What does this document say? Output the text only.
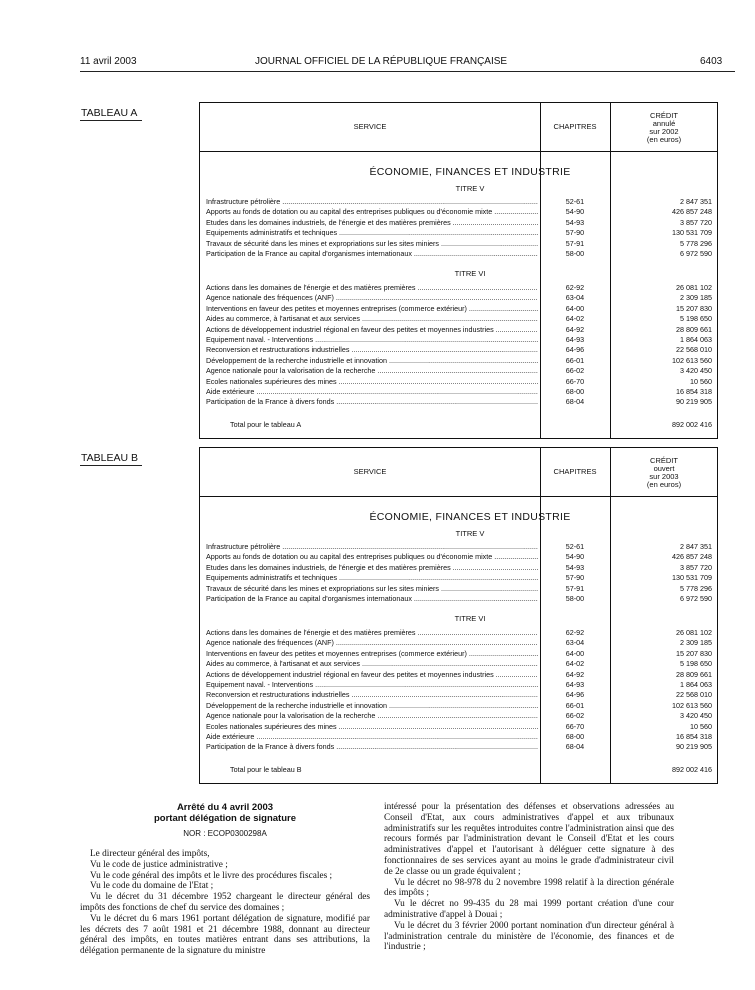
11 avril 2003	JOURNAL OFFICIEL DE LA RÉPUBLIQUE FRANÇAISE	6403
TABLEAU A
SERVICE	CHAPITRES
CRÉDIT
annulé
sur 2002
(en euros)
ÉCONOMIE, FINANCES ET INDUSTRIE
TITRE V
Infrastructure pétrolière .....	52-61	2 847 351
Apports au fonds de dotation ou au capital des entreprises publiques ou d'économie mixte .....	54-90	426 857 248
Etudes dans les domaines industriels, de l'énergie et des matières premières .....	54-93	3 857 720
Equipements administratifs et techniques .....	57-90	130 531 709
Travaux de sécurité dans les mines et expropriations sur les sites miniers .....	57-91	5 778 296
Participation de la France au capital d'organismes internationaux .....	58-00	6 972 590
TITRE VI
Actions dans les domaines de l'énergie et des matières premières .....	62-92	26 081 102
Agence nationale des fréquences (ANF) .....	63-04	2 309 185
Interventions en faveur des petites et moyennes entreprises (commerce extérieur) .....	64-00	15 207 830
Aides au commerce, à l'artisanat et aux services .....	64-02	5 198 650
Actions de développement industriel régional en faveur des petites et moyennes industries .....	64-92	28 809 661
Equipement naval. - Interventions .....	64-93	1 864 063
Reconversion et restructurations industrielles .....	64-96	22 568 010
Développement de la recherche industrielle et innovation .....	66-01	102 613 560
Agence nationale pour la valorisation de la recherche .....	66-02	3 420 450
Ecoles nationales supérieures des mines .....	66-70	10 560
Aide extérieure .....	68-00	16 854 318
Participation de la France à divers fonds .....	68-04	90 219 905
Total pour le tableau A	892 002 416
TABLEAU B
SERVICE	CHAPITRES
CRÉDIT
ouvert
sur 2003
(en euros)
ÉCONOMIE, FINANCES ET INDUSTRIE
TITRE V
Infrastructure pétrolière .....	52-61	2 847 351
Apports au fonds de dotation ou au capital des entreprises publiques ou d'économie mixte .....	54-90	426 857 248
Etudes dans les domaines industriels, de l'énergie et des matières premières .....	54-93	3 857 720
Equipements administratifs et techniques .....	57-90	130 531 709
Travaux de sécurité dans les mines et expropriations sur les sites miniers .....	57-91	5 778 296
Participation de la France au capital d'organismes internationaux .....	58-00	6 972 590
TITRE VI
Actions dans les domaines de l'énergie et des matières premières .....	62-92	26 081 102
Agence nationale des fréquences (ANF) .....	63-04	2 309 185
Interventions en faveur des petites et moyennes entreprises (commerce extérieur) .....	64-00	15 207 830
Aides au commerce, à l'artisanat et aux services .....	64-02	5 198 650
Actions de développement industriel régional en faveur des petites et moyennes industries .....	64-92	28 809 661
Equipement naval. - Interventions .....	64-93	1 864 063
Reconversion et restructurations industrielles .....	64-96	22 568 010
Développement de la recherche industrielle et innovation .....	66-01	102 613 560
Agence nationale pour la valorisation de la recherche .....	66-02	3 420 450
Ecoles nationales supérieures des mines .....	66-70	10 560
Aide extérieure .....	68-00	16 854 318
Participation de la France à divers fonds .....	68-04	90 219 905
Total pour le tableau B	892 002 416
Arrêté du 4 avril 2003
portant délégation de signature
NOR : ECOP0300298A

Le directeur général des impôts,

Vu le code de justice administrative ;

Vu le code général des impôts et le livre des procédures fiscales ;

Vu le code du domaine de l'Etat ;

Vu le décret du 31 décembre 1952 chargeant le directeur général des impôts des fonctions de chef du service des domaines ;

Vu le décret du 6 mars 1961 portant délégation de signature, modifié par les décrets des 7 août 1981 et 21 décembre 1988, donnant au directeur général des impôts, en toutes matières entrant dans ses attributions, la délégation permanente de la signature du ministre

intéressé pour la présentation des défenses et observations adressées au Conseil d'Etat, aux cours administratives d'appel et aux tribunaux administratifs sur les requêtes introduites contre l'administration ainsi que des recours formés par l'administration devant le Conseil d'Etat et les cours administratives d'appel et l'autorisant à déléguer cette signature à des fonctionnaires de ses services ayant au moins le grade d'administrateur civil de 2e classe ou un grade équivalent ;

Vu le décret no 98-978 du 2 novembre 1998 relatif à la direction générale des impôts ;

Vu le décret no 99-435 du 28 mai 1999 portant création d'une cour administrative d'appel à Douai ;

Vu le décret du 3 février 2000 portant nomination d'un directeur général à l'administration centrale du ministère de l'économie, des finances et de l'industrie ;
